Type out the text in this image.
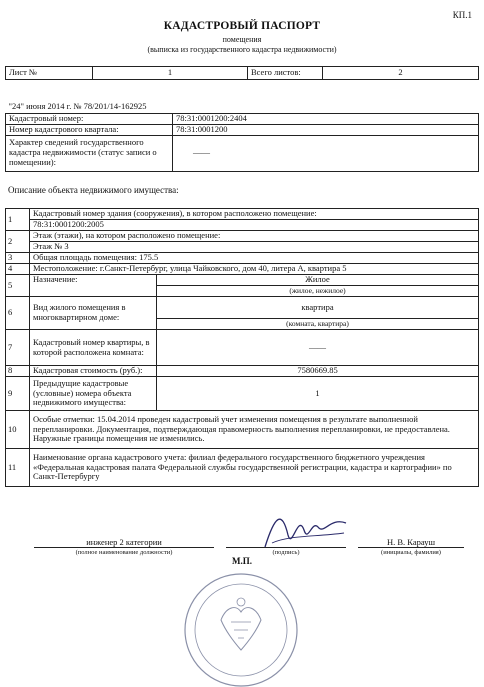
КП.1
КАДАСТРОВЫЙ ПАСПОРТ
помещения
(выписка из государственного кадастра недвижимости)
Лист №	1	Всего листов:	2
"24" июня 2014 г. № 78/201/14-162925	
Кадастровый номер:	78:31:0001200:2404
Номер кадастрового квартала:	78:31:0001200
Характер сведений государственного кадастра недвижимости (статус записи о помещении):	——
Описание объекта недвижимого имущества:
1	Кадастровый номер здания (сооружения), в котором расположено помещение:	
	78:31:0001200:2005	
2	Этаж (этажи), на котором расположено помещение:	
	Этаж № 3	
3	Общая площадь помещения: 175.5	
4	Местоположение: г.Санкт-Петербург, улица Чайковского, дом 40, литера А, квартира 5	
5	Назначение:	Жилое
		(жилое, нежилое)
6	Вид жилого помещения в многоквартирном доме:	квартира
		(комната, квартира)
7	Кадастровый номер квартиры, в которой расположена комната:	——
8	Кадастровая стоимость (руб.):	7580669.85
9	Предыдущие кадастровые (условные) номера объекта недвижимого имущества:	1
10	Особые отметки: 15.04.2014 проведен кадастровый учет изменения помещения в результате выполненной перепланировки. Документация, подтверждающая правомерность выполнения перепланировки, не предоставлена. Наружные границы помещения не изменились.	
11	Наименование органа кадастрового учета: филиал федерального государственного бюджетного учреждения «Федеральная кадастровая палата Федеральной службы государственной регистрации, кадастра и картографии» по Санкт-Петербургу	
инженер 2 категории
(полное наименование должности)	(подпись)
Н. В. Карауш
(инициалы, фамилия)
М.П.
